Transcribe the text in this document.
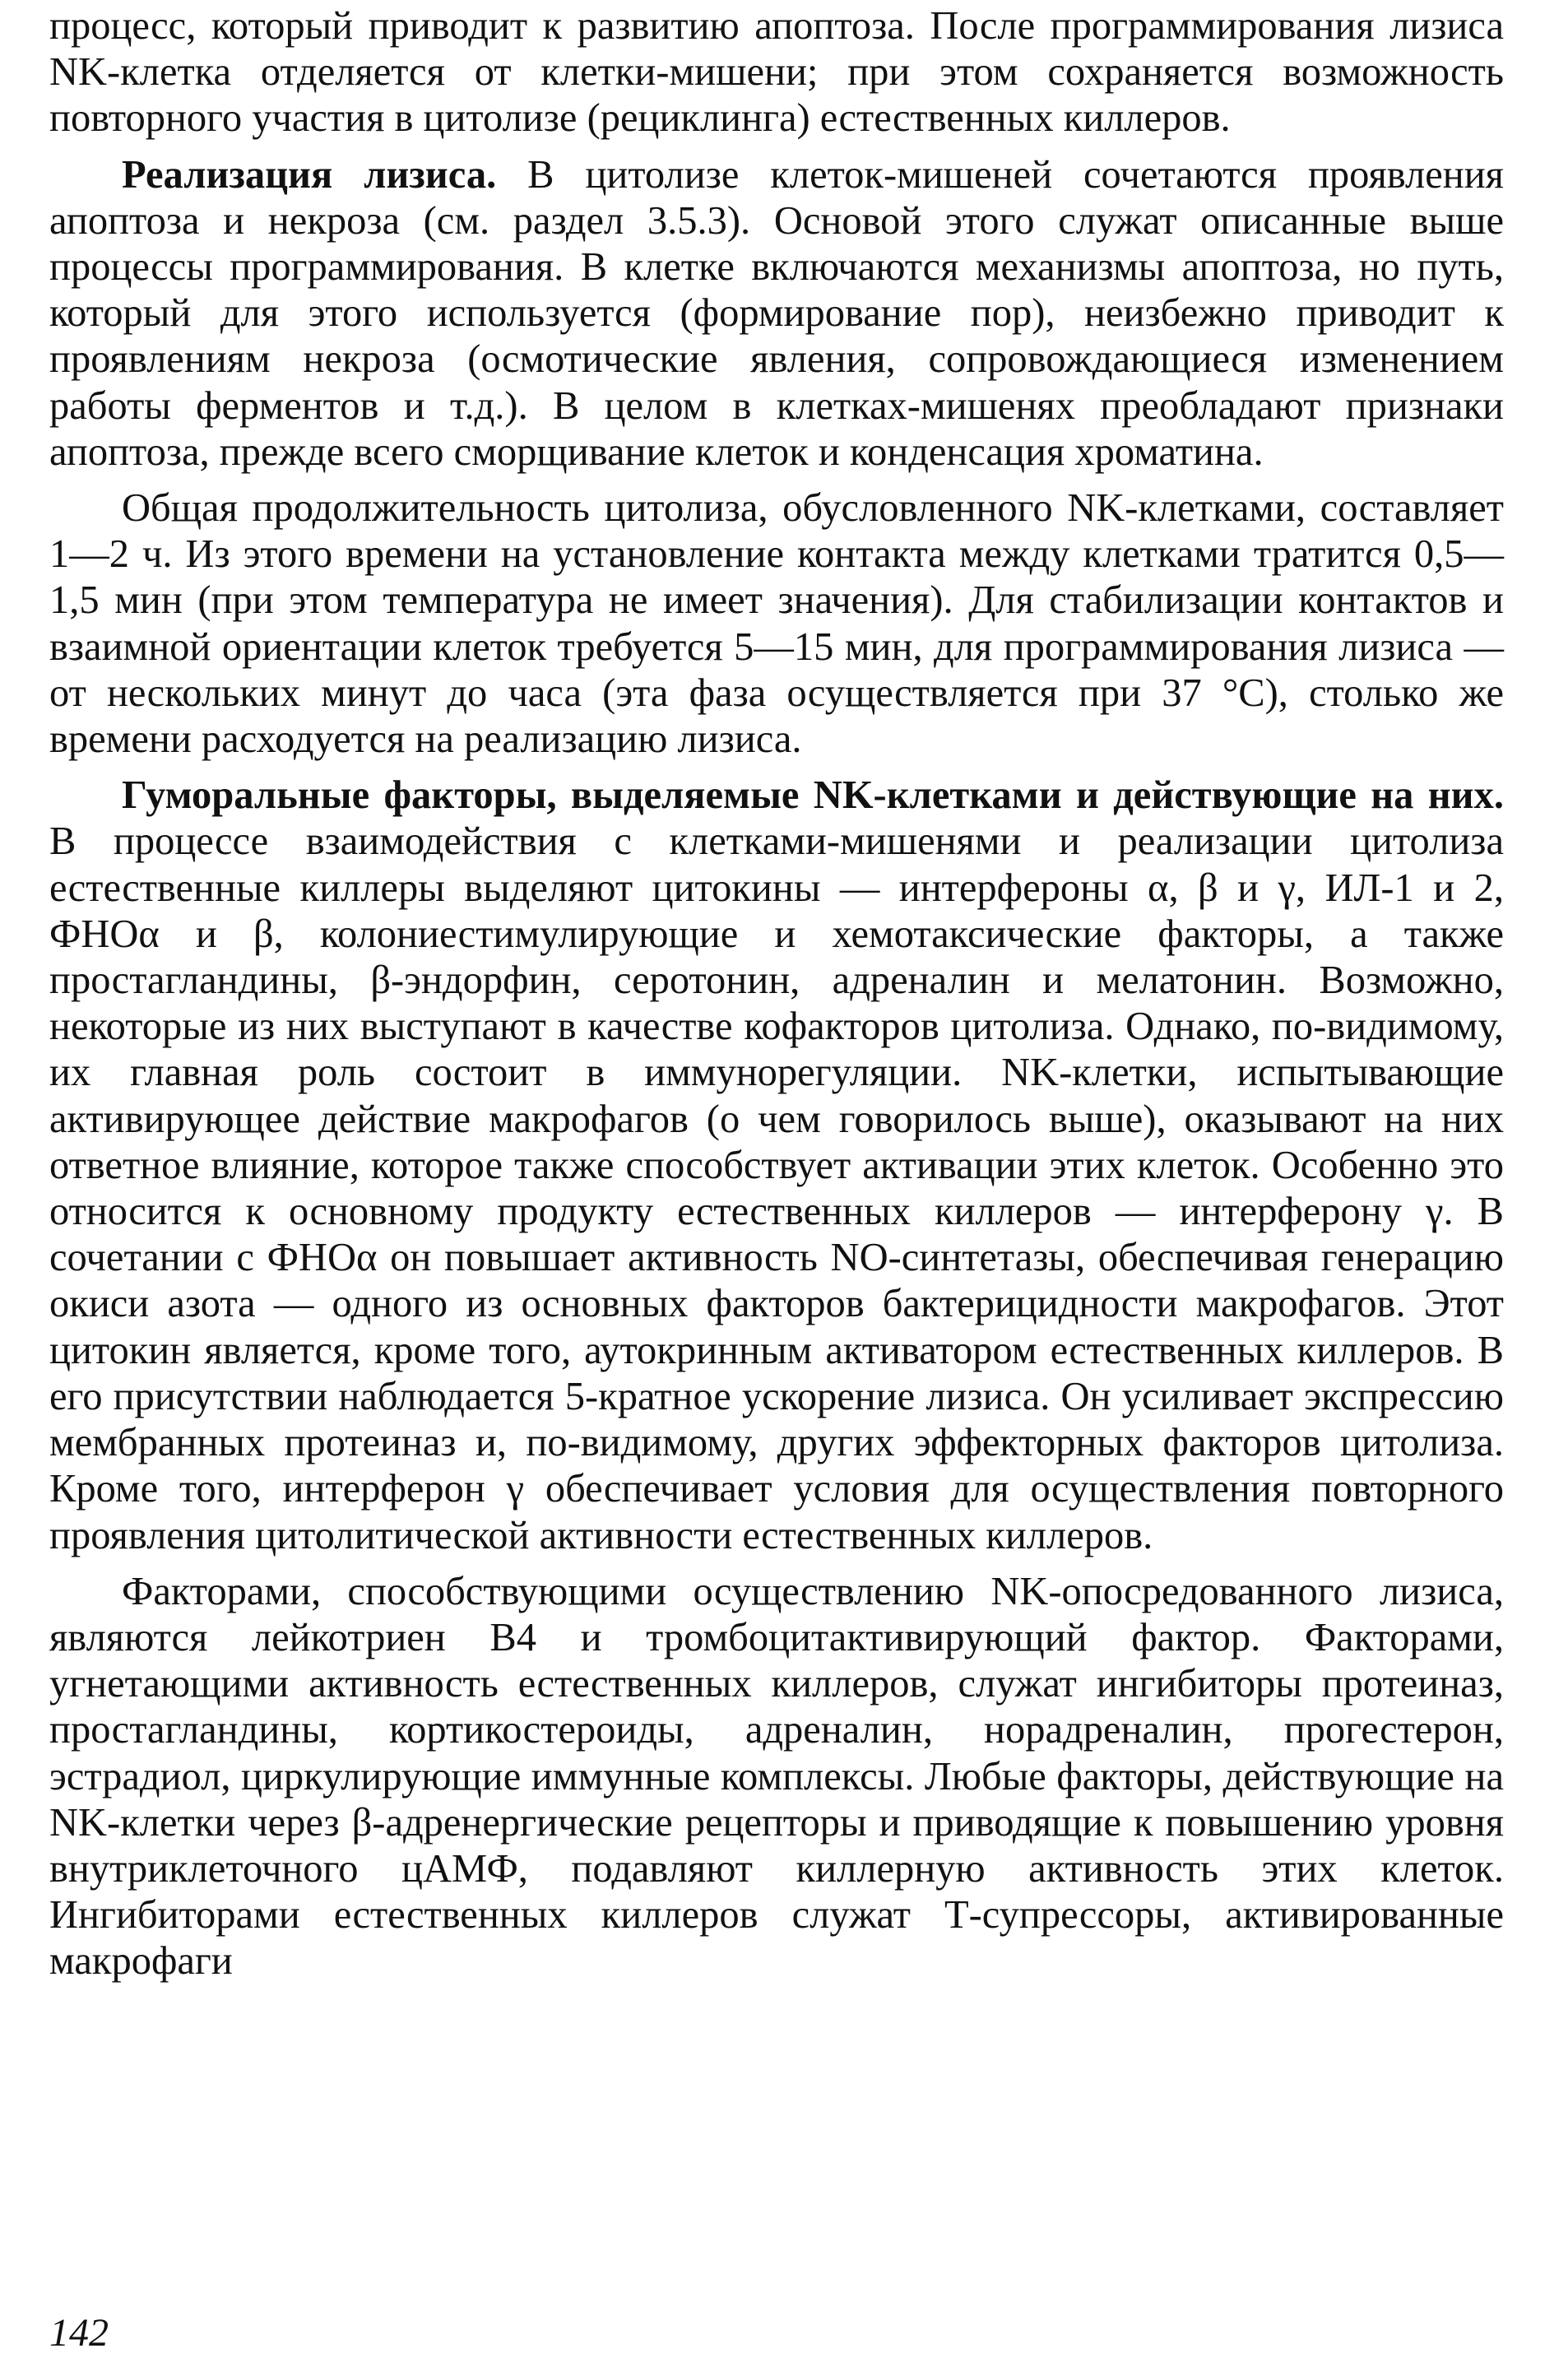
процесс, который приводит к развитию апоптоза. После программирования лизиса NK-клетка отделяется от клетки-мишени; при этом сохраняется возможность повторного участия в цитолизе (рециклинга) естественных киллеров.

Реализация лизиса. В цитолизе клеток-мишеней сочетаются проявления апоптоза и некроза (см. раздел 3.5.3). Основой этого служат описанные выше процессы программирования. В клетке включаются механизмы апоптоза, но путь, который для этого используется (формирование пор), неизбежно приводит к проявлениям некроза (осмотические явления, сопровождающиеся изменением работы ферментов и т.д.). В целом в клетках-мишенях преобладают признаки апоптоза, прежде всего сморщивание клеток и конденсация хроматина.

Общая продолжительность цитолиза, обусловленного NK-клетками, составляет 1—2 ч. Из этого времени на установление контакта между клетками тратится 0,5—1,5 мин (при этом температура не имеет значения). Для стабилизации контактов и взаимной ориентации клеток требуется 5—15 мин, для программирования лизиса — от нескольких минут до часа (эта фаза осуществляется при 37 °С), столько же времени расходуется на реализацию лизиса.

Гуморальные факторы, выделяемые NK-клетками и действующие на них. В процессе взаимодействия с клетками-мишенями и реализации цитолиза естественные киллеры выделяют цитокины — интерфероны α, β и γ, ИЛ-1 и 2, ФНОα и β, колониестимулирующие и хемотаксические факторы, а также простагландины, β-эндорфин, серотонин, адреналин и мелатонин. Возможно, некоторые из них выступают в качестве кофакторов цитолиза. Однако, по-видимому, их главная роль состоит в иммунорегуляции. NK-клетки, испытывающие активирующее действие макрофагов (о чем говорилось выше), оказывают на них ответное влияние, которое также способствует активации этих клеток. Особенно это относится к основному продукту естественных киллеров — интерферону γ. В сочетании с ФНОα он повышает активность NO-синтетазы, обеспечивая генерацию окиси азота — одного из основных факторов бактерицидности макрофагов. Этот цитокин является, кроме того, аутокринным активатором естественных киллеров. В его присутствии наблюдается 5-кратное ускорение лизиса. Он усиливает экспрессию мембранных протеиназ и, по-видимому, других эффекторных факторов цитолиза. Кроме того, интерферон γ обеспечивает условия для осуществления повторного проявления цитолитической активности естественных киллеров.

Факторами, способствующими осуществлению NK-опосредованного лизиса, являются лейкотриен В4 и тромбоцитактивирующий фактор. Факторами, угнетающими активность естественных киллеров, служат ингибиторы протеиназ, простагландины, кортикостероиды, адреналин, норадреналин, прогестерон, эстрадиол, циркулирующие иммунные комплексы. Любые факторы, действующие на NK-клетки через β-адренергические рецепторы и приводящие к повышению уровня внутриклеточного цАМФ, подавляют киллерную активность этих клеток. Ингибиторами естественных киллеров служат Т-супрессоры, активированные макрофаги

142
